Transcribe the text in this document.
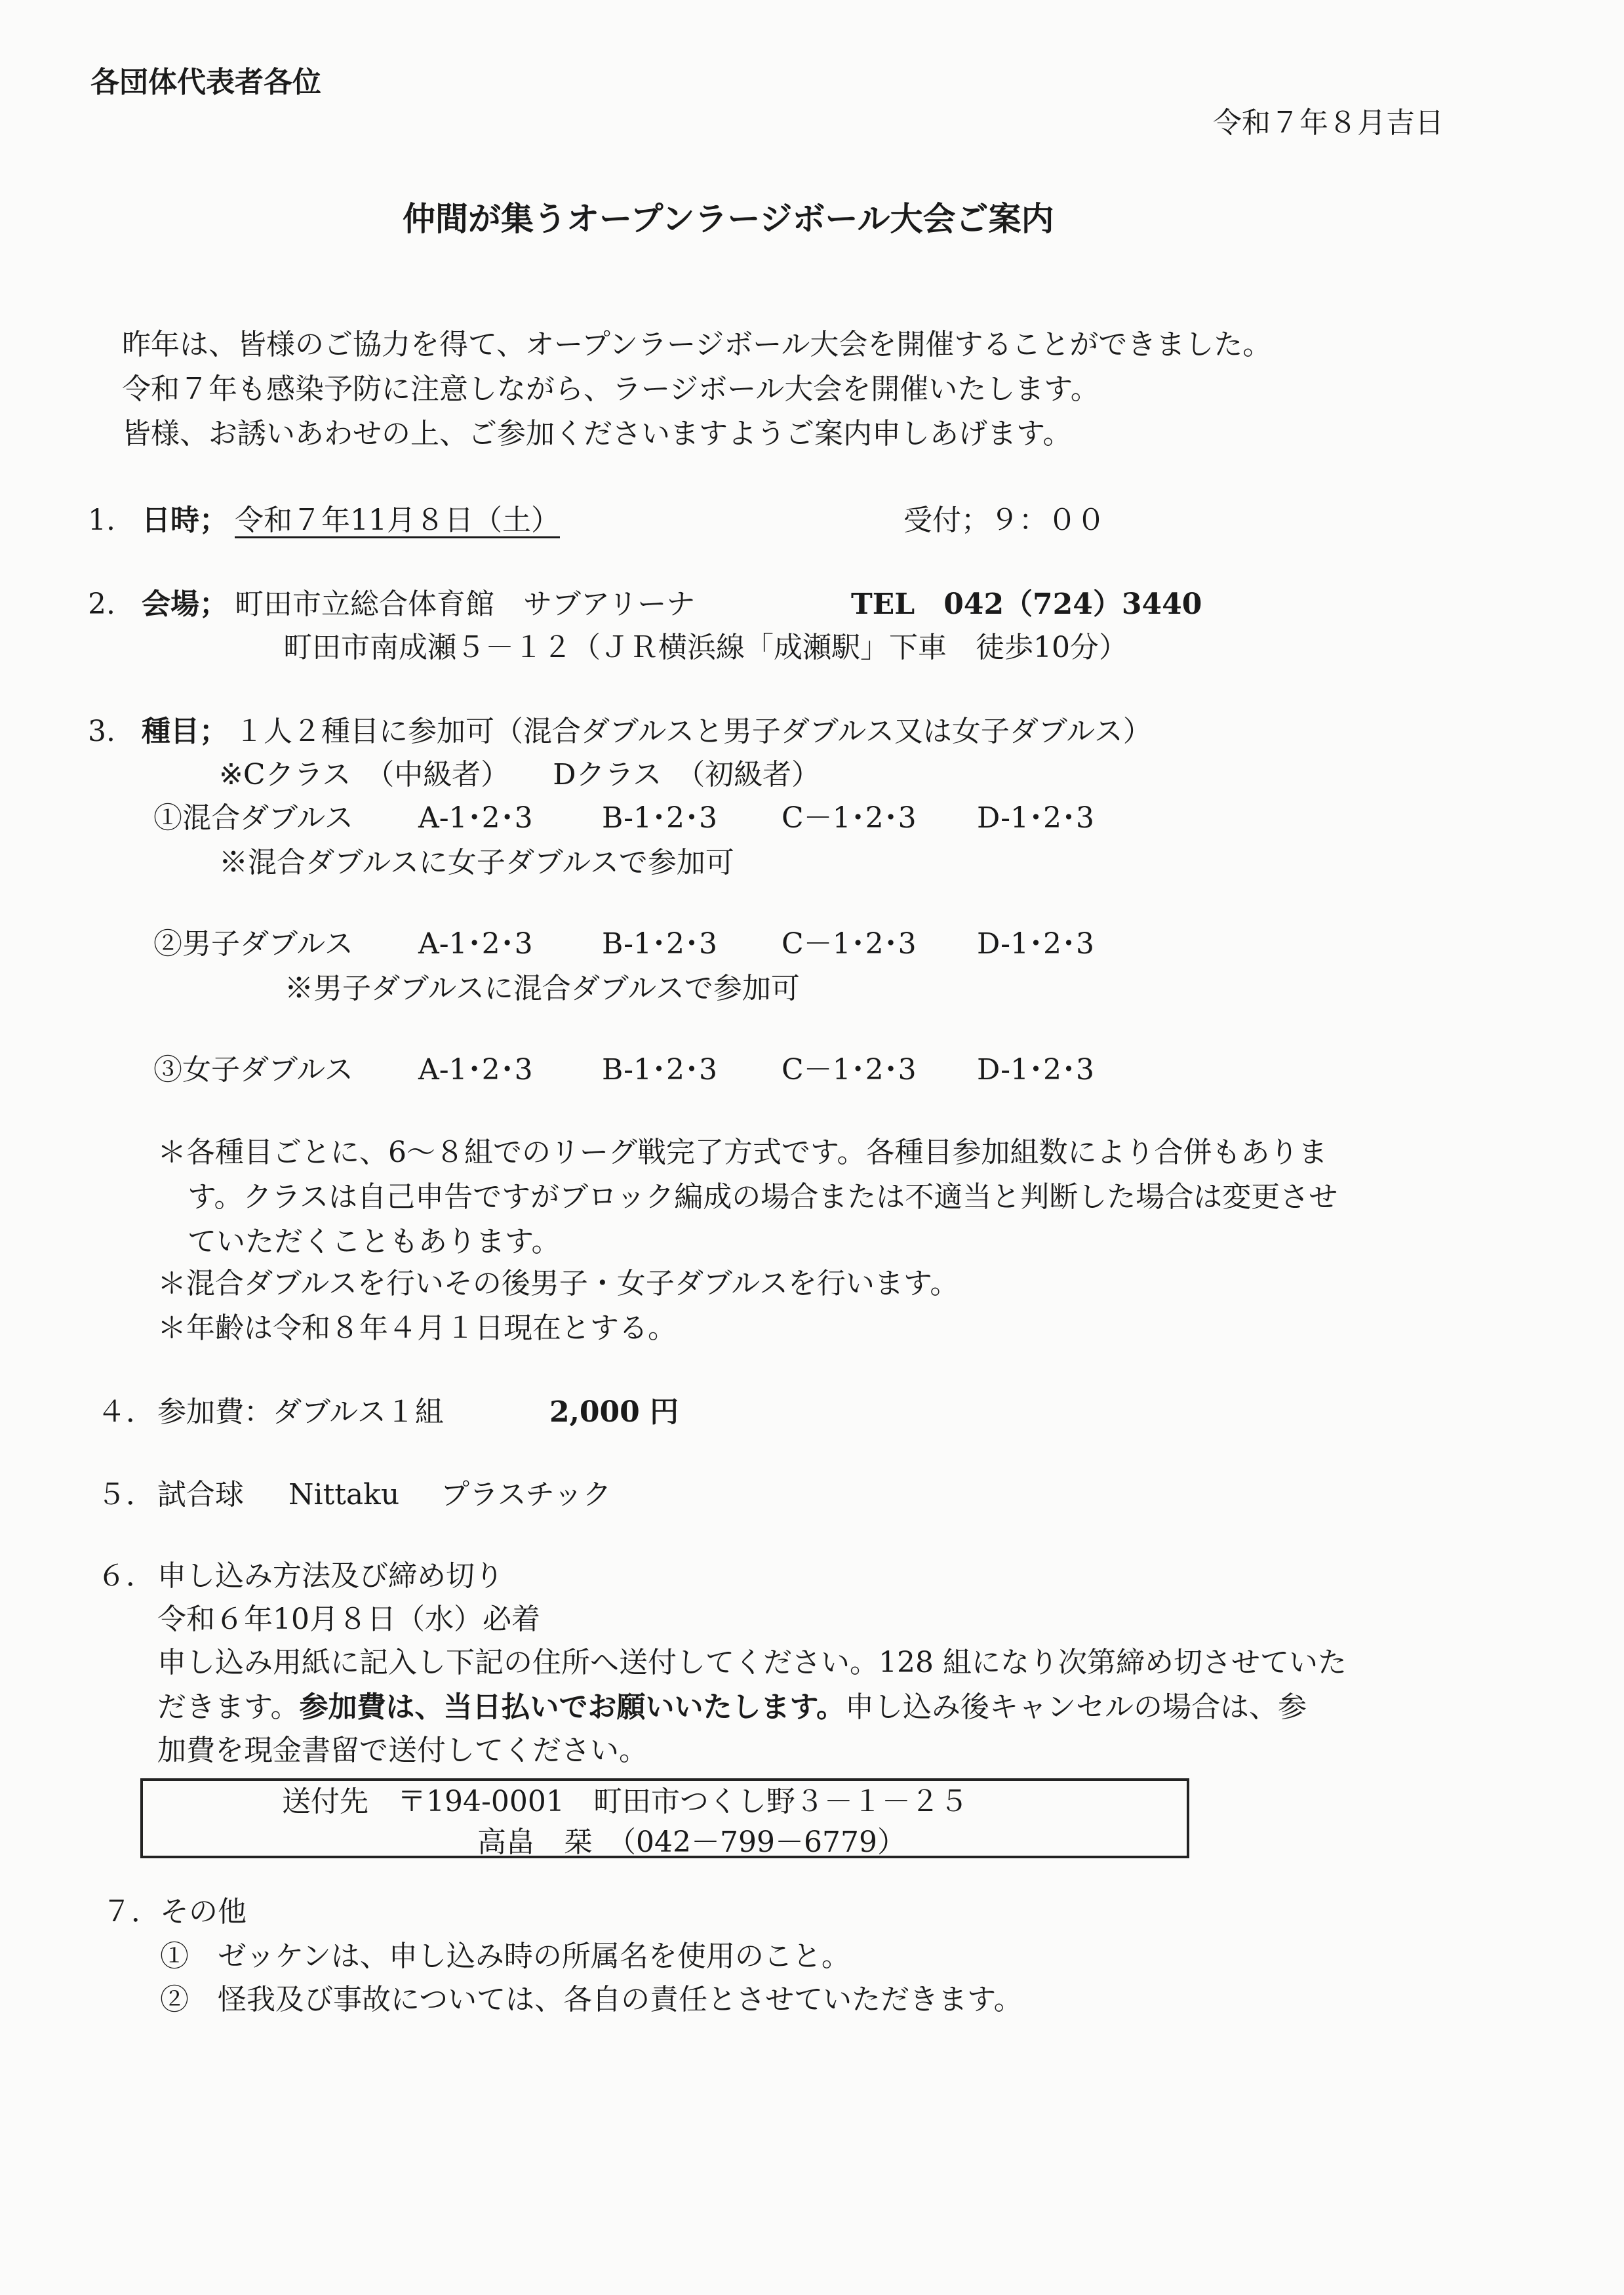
各団体代表者各位
令和７年８月吉日
仲間が集うオープンラージボール大会ご案内
昨年は、皆様のご協力を得て、オープンラージボール大会を開催することができました。
令和７年も感染予防に注意しながら、ラージボール大会を開催いたします。
皆様、お誘いあわせの上、ご参加くださいますようご案内申しあげます。
1. 日時； 令和７年11月８日（土）	受付；９：００
2. 会場； 町田市立総合体育館　サブアリーナ	TEL　042（724）3440
町田市南成瀬５－１２（ＪＲ横浜線「成瀬駅」下車　徒歩10分）
3. 種目； １人２種目に参加可（混合ダブルスと男子ダブルス又は女子ダブルス）
※Cクラス　（中級者）　　Dクラス　（初級者）
①混合ダブルス A-1･2･3 B-1･2･3 C－1･2･3 D-1･2･3
※混合ダブルスに女子ダブルスで参加可
②男子ダブルス A-1･2･3 B-1･2･3 C－1･2･3 D-1･2･3
※男子ダブルスに混合ダブルスで参加可
③女子ダブルス A-1･2･3 B-1･2･3 C－1･2･3 D-1･2･3
＊各種目ごとに、6～８組でのリーグ戦完了方式です。各種目参加組数により合併もありま
す。クラスは自己申告ですがブロック編成の場合または不適当と判断した場合は変更させ
ていただくこともあります。
＊混合ダブルスを行いその後男子・女子ダブルスを行います。
＊年齢は令和８年４月１日現在とする。
４． 参加費：ダブルス１組	2,000 円
５． 試合球 Nittaku プラスチック
６． 申し込み方法及び締め切り
令和６年10月８日（水）必着
申し込み用紙に記入し下記の住所へ送付してください。128 組になり次第締め切させていた
だきます。参加費は、当日払いでお願いいたします。申し込み後キャンセルの場合は、参
加費を現金書留で送付してください。
送付先　〒194-0001　町田市つくし野３－１－２５
高畠　栞　（042－799－6779）
７． その他
①　ゼッケンは、申し込み時の所属名を使用のこと。
②　怪我及び事故については、各自の責任とさせていただきます。
